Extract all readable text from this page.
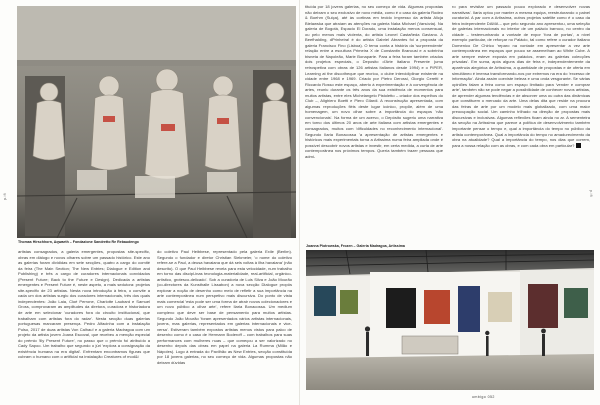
Thomas Hirschhorn, Aqwaeth – Fondazione Sandretto Re Rebaudengo

artistas consagrados, a galeria emergentes, propostas site-specific, obras em diálogo e novos olhares sobre um passado histórico. Este ano as galerias foram divididas em sete secções, quatro a cargo do comité da feira (The Main Section; The New Entries; Dialogue e Edition and Publishing) e três a cargo de curadores internacionais convidados (Present Future; Back to the Future e Design). Dedicada a artistas emergentes e Present Future é, neste aspeto, a mais sedutora: projetos site-specific de 23 artistas. Nesta nova introdução à feira, o convite a cada um dos artistas surgiu dos curadores internacionais, três dos quais independentes: João Laia, Cloé Perrone, Charlotte Laubard e Samuel Gross, comprovaram as amplitudes da diretora, curadora e historiadora de arte em selecionar 'curadores fora do circuito institucional, que trabalham com artistas fora do radar'. Nesta secção duas galerias portuguesas marcaram presença. Pedro Alfacinha com a instalação Pulso, 2017 de duas artistas Von Calhau! e a galeria Madragoa com um projeto da artista jovem Joana Escoval, que recebeu a menção especial do prémio 'illy Present Future', no passo que o prémio foi atribuído a Cady Sapoo. Um trabalho que segundo o júri 'explora a consignação da existência humana na era digital'. Enfrentam encontramos figuras que cubram o humano com o artificial na instalação Creatures of mod&i

do coletivo Paul Heibbese, representado pela galeria Exile (Berlim). Segundo o fundador e diretor Christian Siekmeier, 'o nome do coletivo refere-se a Paul, a deusa havaiana que dá seis voltas à ilha havaiana' (não descrito). O que Paul Heibbese revela para esta velocidade, num trabalho em torno das discipl-inas tecnologia-materialidade, real-artificial, orgânico-artístico, grotesco-delicado'. Sob a curadoria de Luis Silva e João Mourão (co-directores da Kunsthalle Lissabon) a nova secção Dialogue propôs explorar a noção de desenho como meio de refletir a sua importância na arte contemporânea num perspetivo mais discursiva. Do ponto de vista mais comercial 'esta pode ser uma forma de atrair novos colecionadores e um novo público a olhar arte', refere Ilaria Bonacossa. Um medium complexo que deve ser base de pensamento para muitos artistas. Segundo João Mourão 'foram apresentados vários artistas internacionais, jovens, mas galerias, representados em galerias internacionais e vice-versa'. Estiveram também expostos artistas menos vistos para palco de desenho como é o caso de Hermann Boderoff – com trabalhos para suas performances com mulheres nuas – que começou a ser valorizado no desenho depois das obras em papel na galeria La Rumma (Milão e Nápoles). Logo à entrada do Pavilhão as New Entries, secção constituída por 18 jovens galerias, no seu começo de vida. Algumas propostas não deixam dúvidas

p.ifi

tituída por 18 jovens galerias, no seu começo de vida. Algumas propostas não deixam o seu exclusivo de novo média, como é o caso da galeria Rodeo & Boehm (Suiça), até às cortinas em tecido impresso da artista Alicja Bielawska que atraíam as atenções na galeria Naka Michael (Varsóvia). Na galeria de Bogotá, Espacio El Dorado, uma instalação menos consensual, ou pelo menos mais violenta, do artista Leonel Castañeda Gaviano. A Beefhalding, dPrinheira! é do artista Gabriel Abrantes foi a proposta da galeria Francisco Fino (Lisboa). O tema conta a história da 'surpreendente' relação entre a escultura Primeira X de Constantin Brancusi e a sobrinha bisneta de Napoleão, Marie Bonaparte. Para a feira foram também criados dois projetos especiais, o Deposito d'Arte Italiano Presente (uma retrospetiva com obras de 126 artistas italianos desde 1994) e o PIPER, Learning at the discotheque que recriou, o clube intercidiplinar existente na cidade entre 1968 e 1969. Criado por Pietro Derossi, Giorgio Ceretti e Riccardo Rosso este espaço, aberto à experimentação e à convergência de artes, reuniu durante os três anos da sua existência de momentos para muitos artistas, entre eles Michelangelo Pistoletto – criador dos espelhos do Club –, Alighiero Boetti e Piero Gilardi. A reconstrução apresentada, com algumas reproduções fiéis deste lugar icónico, propõe, além de uma homenagem, um novo olhar sobre a importância do espaços 'não convencionais'. Na forma de um acervo, o Depósito sugeriu uma narrativa em torno dos últimos 20 anos de arte italiana com artistas emergentes e consagrados, muitos com 'dificuldades no reconhecimento internacional'. Segundo Ilaria Bonacossa 'a apresentação de artistas emergentes e históricos mais experimentais torna a Artissima numa feira ampliada onde é possível descobrir novos artistas e investir, em certa medida, a curta de arte contemporânea nos próximos tempos. Quería também trazer pessoas que admi-

ro para revisitar um passado pouco explorado e desenvolver novas narrativas'. Ilaria optou por manter a mesma equipa, reestruturando o painel curatorial. A par com a Artissima, outros projetos satélite como é o caso da feira independente DAMA – que pelo segundo ano apresentou, uma seleção de galerias internacionais no interior de um palácio barroco, no centro da cidade – testemunhando a vontade de expor 'fora de portas', a nível exemplo particular, de reforçar no Palácio, tal como refere o curador italiano Domenico De Chirico 'reparo na vontade em apresentar a vez arte contemporânea em espaços que pouco se assemelham ao White Cube. A arte sempre esteve exposta em palácios, eram as galerias colecções privadas'. Em suma, após alguns dias de feira e, independentemente da aparência alegórica de Artissima, a quantidade de propostas e de oferta em simultâneo é imensa transformando-nos por extremos na era do 'excesso de informação'. Ainda assim coexiste beleza e uma onda vesgorante. Se várias opiniões falam a feira como um espaço limitado para 'vender e comprar arte', também não se pode negar a possibilidade de conhecer novos artistas, de aprender algumas tendências e de absorver uma ou outra das dinâmicas que constituem o mercado da arte. Uma delas dita que reside na procura das feiras de arte por um modelo mais globalizado, com uma maior preocupação social. Um caminho trilhado na direção de propostas mais discursivas e inclusivas. Algumas reflexões ficam ainda no ar. A sementeira da secção na Artissima que parece a política de desenvolvimento também importante pensar o tempo e, qual a importância do tempo no público da artista contemporânea. Qual a importância do tempo no amadurecimento da obra na atualidade? Qual a importância do tempo, nos dias que correm, para a nossa relação com as obras, e com cada obra em particular?

Joanna Piotrowska, Frozen – Galeria Madragoa, Artissima
umbigo 052
p.ifi
